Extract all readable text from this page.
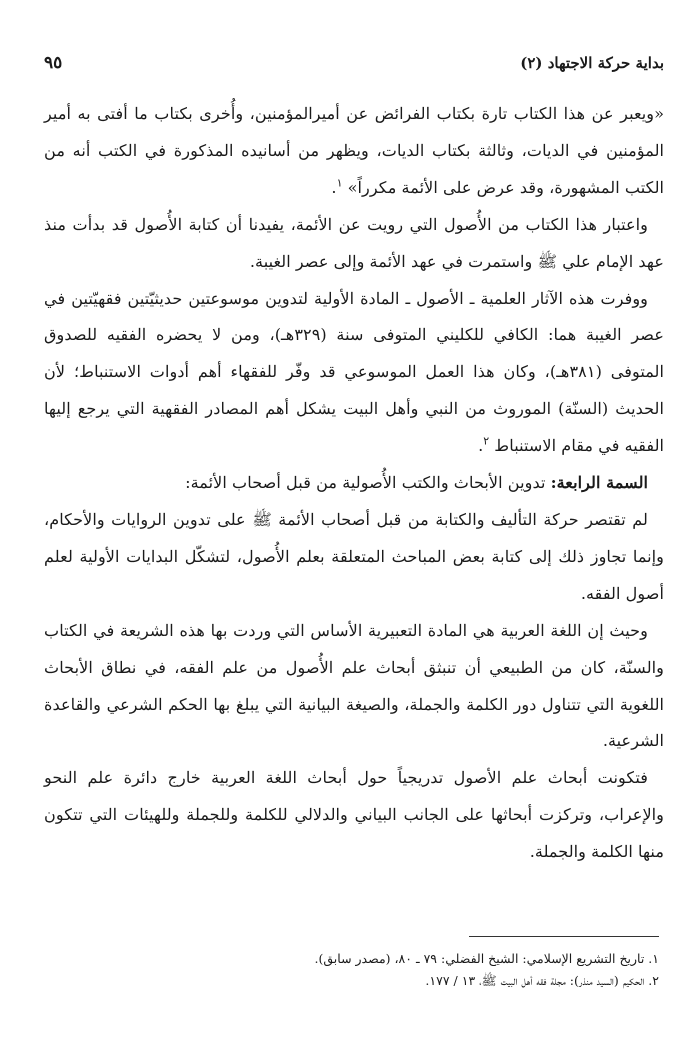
بداية حركة الاجتهاد (٢)
٩٥

«ويعبر عن هذا الكتاب تارة بكتاب الفرائض عن أميرالمؤمنين، وأُخرى بكتاب ما أفتى به أمير المؤمنين في الديات، وثالثة بكتاب الديات، ويظهر من أسانيده المذكورة في الكتب أنه من الكتب المشهورة، وقد عرض على الأئمة مكرراً» $^١$.

واعتبار هذا الكتاب من الأُصول التي رويت عن الأئمة، يفيدنا أن كتابة الأُصول قد بدأت منذ عهد الإمام علي ﷺ واستمرت في عهد الأئمة وإلى عصر الغيبة.

ووفرت هذه الآثار العلمية ـ الأصول ـ المادة الأولية لتدوين موسوعتين حديثيّتين فقهيّتين في عصر الغيبة هما: الكافي للكليني المتوفى سنة (٣٢٩هـ)، ومن لا يحضره الفقيه للصدوق المتوفى (٣٨١هـ)، وكان هذا العمل الموسوعي قد وفّر للفقهاء أهم أدوات الاستنباط؛ لأن الحديث (السنّة) الموروث من النبي وأهل البيت يشكل أهم المصادر الفقهية التي يرجع إليها الفقيه في مقام الاستنباط $^٢$.

السمة الرابعة: تدوين الأبحاث والكتب الأُصولية من قبل أصحاب الأئمة:

لم تقتصر حركة التأليف والكتابة من قبل أصحاب الأئمة ﷺ على تدوين الروايات والأحكام، وإنما تجاوز ذلك إلى كتابة بعض المباحث المتعلقة بعلم الأُصول، لتشكّل البدايات الأولية لعلم أصول الفقه.

وحيث إن اللغة العربية هي المادة التعبيرية الأساس التي وردت بها هذه الشريعة في الكتاب والسنّة، كان من الطبيعي أن تنبثق أبحاث علم الأُصول من علم الفقه، في نطاق الأبحاث اللغوية التي تتناول دور الكلمة والجملة، والصيغة البيانية التي يبلغ بها الحكم الشرعي والقاعدة الشرعية.

فتكونت أبحاث علم الأصول تدريجياً حول أبحاث اللغة العربية خارج دائرة علم النحو والإعراب، وتركزت أبحاثها على الجانب البياني والدلالي للكلمة وللجملة وللهيئات التي تتكون منها الكلمة والجملة.

١. تاريخ التشريع الإسلامي: الشيخ الفضلي: ٧٩ ـ ٨٠، (مصدر سابق).
٢. الحكيم (السيد منذر): مجلة فقه أهل البيت ﷺ، ١٣ / ١٧٧.
